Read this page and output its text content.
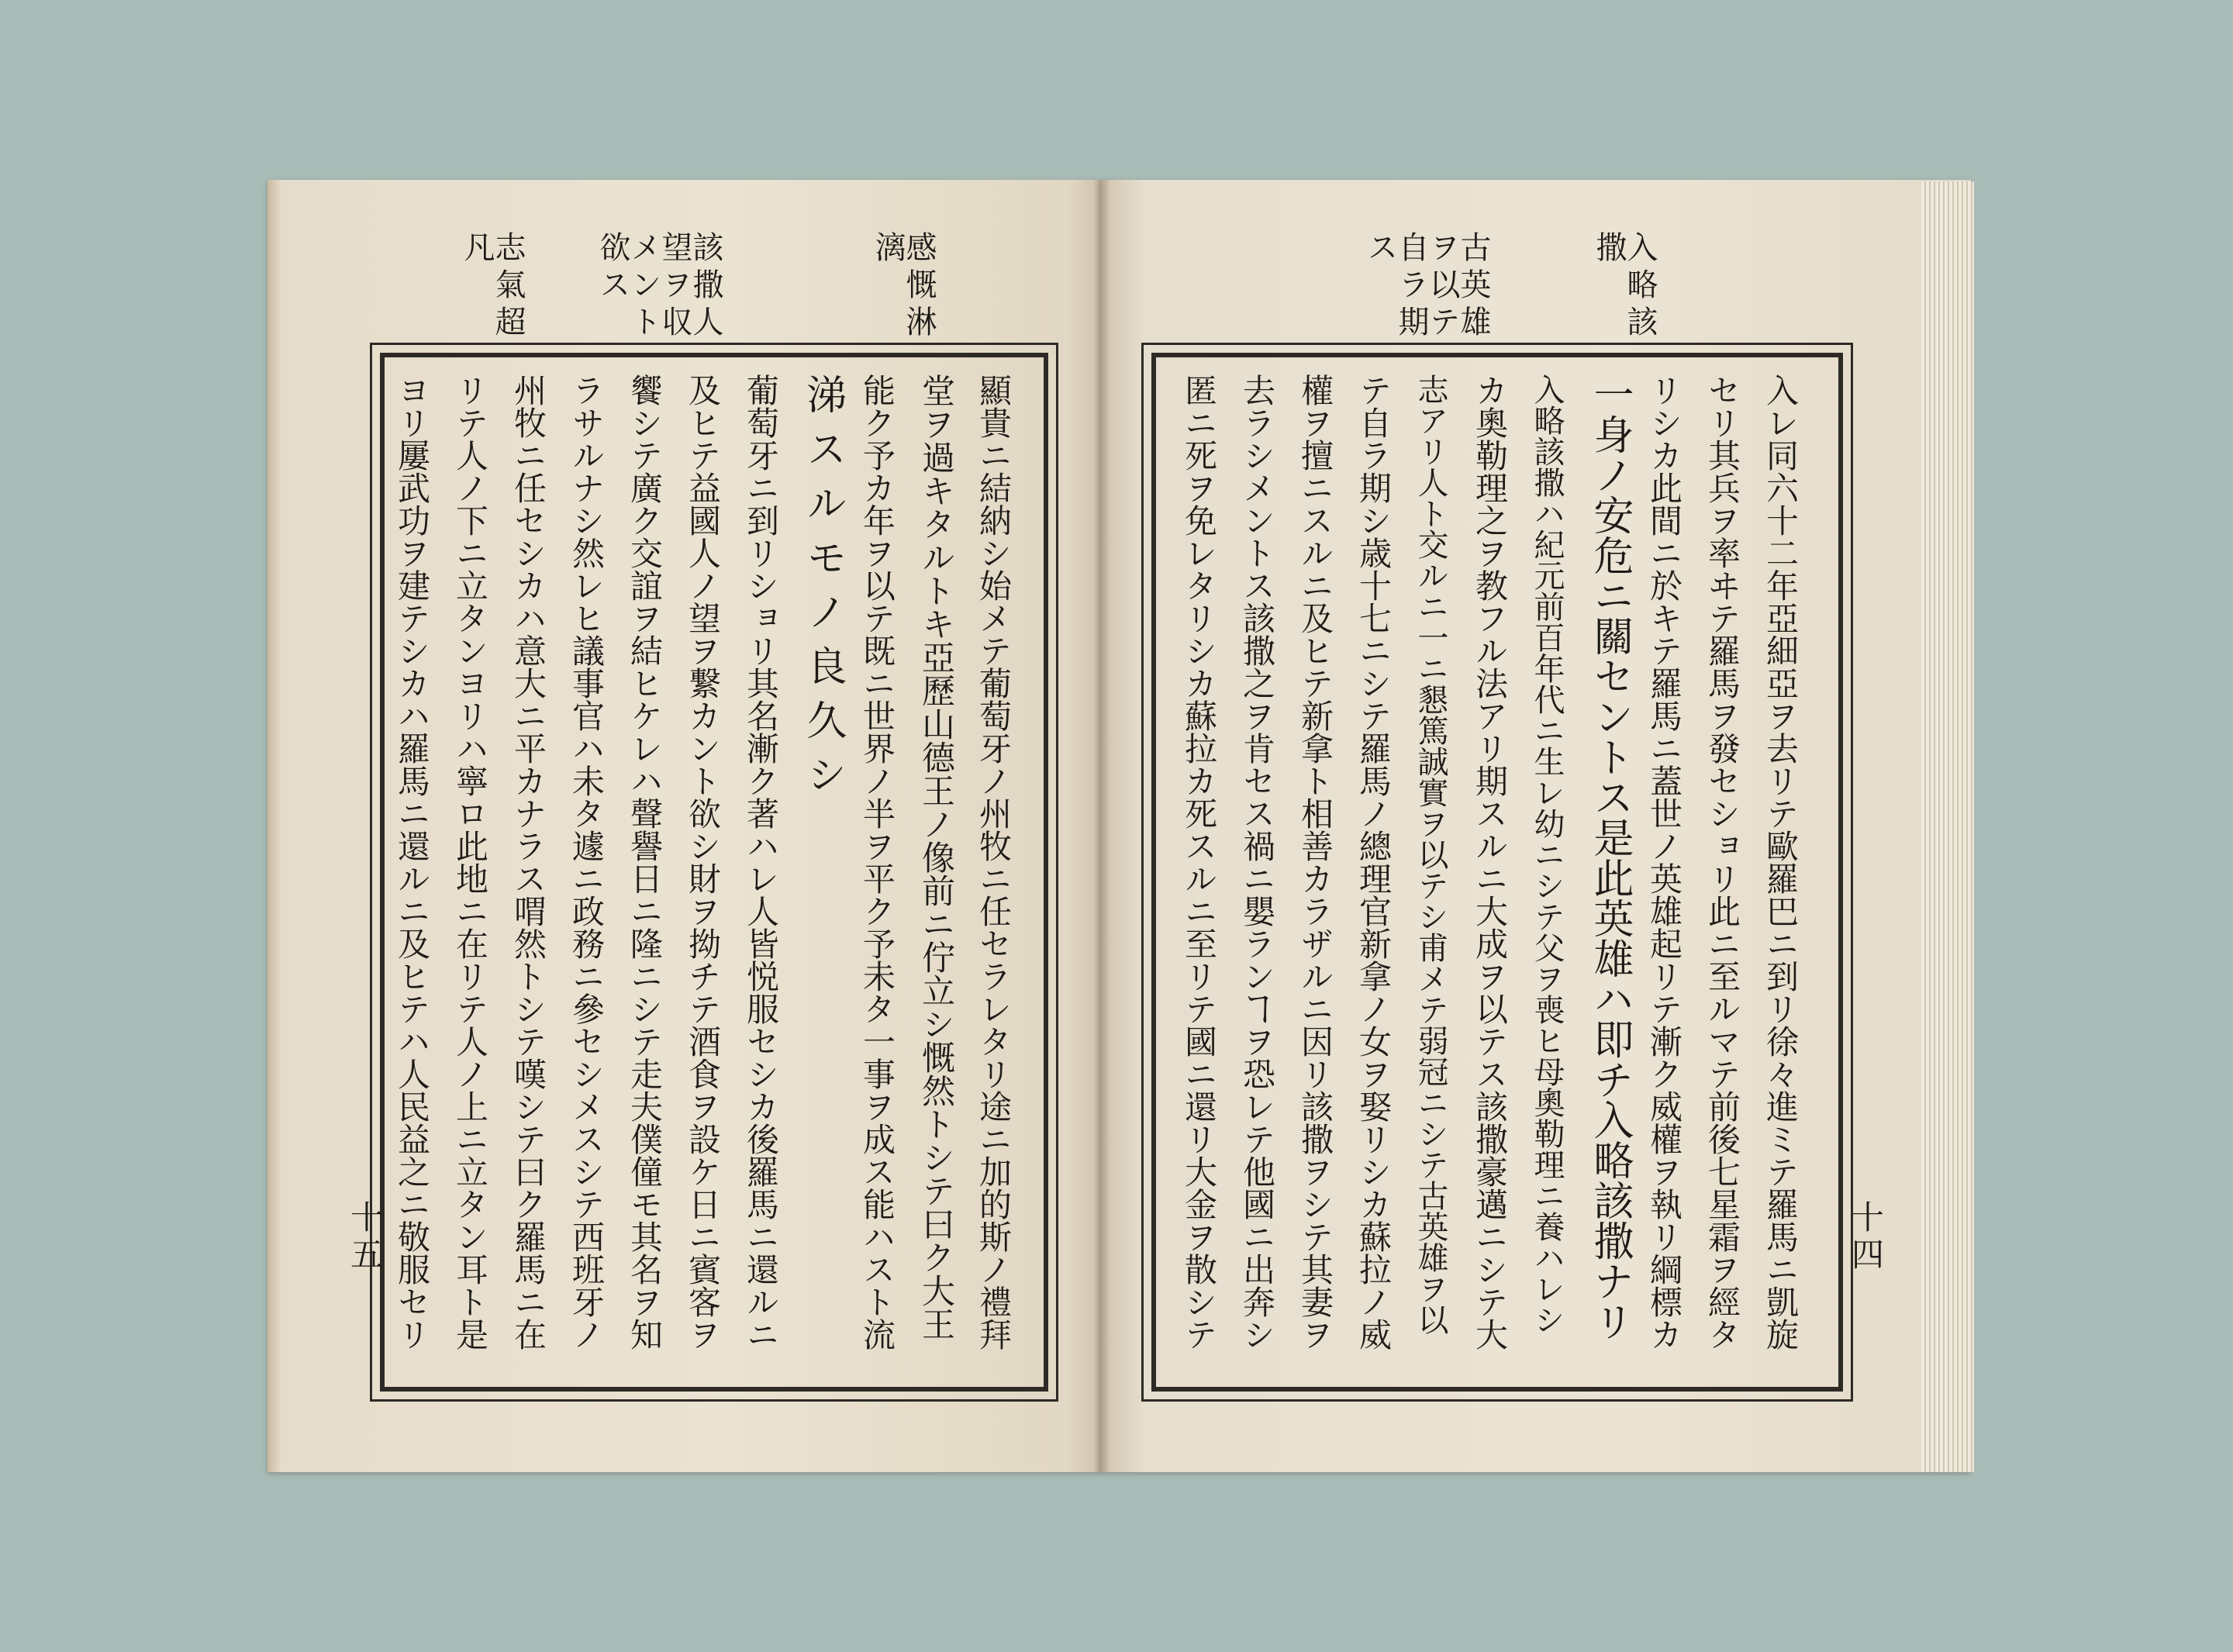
入レ同六十二年亞細亞ヲ去リテ歐羅巴ニ到リ徐々進ミテ羅馬ニ凱旋
セリ其兵ヲ率ヰテ羅馬ヲ發セショリ此ニ至ルマテ前後七星霜ヲ經タ
リシカ此間ニ於キテ羅馬ニ蓋世ノ英雄起リテ漸ク威權ヲ執リ綱標カ
一身ノ安危ニ關セントス是此英雄ハ即チ入略該撒ナリ
入略該撒ハ紀元前百年代ニ生レ幼ニシテ父ヲ喪ヒ母奧勒理ニ養ハレシ
カ奧勒理之ヲ教フル法アリ期スルニ大成ヲ以テス該撒豪邁ニシテ大
志アリ人ト交ルニ一ニ懇篤誠實ヲ以テシ甫メテ弱冠ニシテ古英雄ヲ以
テ自ラ期シ歳十七ニシテ羅馬ノ總理官新拿ノ女ヲ娶リシカ蘇拉ノ威
權ヲ擅ニスルニ及ヒテ新拿ト相善カラザルニ因リ該撒ヲシテ其妻ヲ
去ラシメントス該撒之ヲ肯セス禍ニ嬰ランヿヲ恐レテ他國ニ出奔シ
匿ニ死ヲ免レタリシカ蘇拉カ死スルニ至リテ國ニ還リ大金ヲ散シテ
入略該撒
古英雄ヲ以テ自ラ期ス
十四
顯貴ニ結納シ始メテ葡萄牙ノ州牧ニ任セラレタリ途ニ加的斯ノ禮拜
堂ヲ過キタルトキ亞歷山德王ノ像前ニ佇立シ慨然トシテ曰ク大王
能ク予カ年ヲ以テ既ニ世界ノ半ヲ平ク予未タ一事ヲ成ス能ハスト流
涕スルモノ良久シ
葡萄牙ニ到リショリ其名漸ク著ハレ人皆悦服セシカ後羅馬ニ還ルニ
及ヒテ益國人ノ望ヲ繋カント欲シ財ヲ拗チテ酒食ヲ設ケ日ニ賓客ヲ
饗シテ廣ク交誼ヲ結ヒケレハ聲譽日ニ隆ニシテ走夫僕僮モ其名ヲ知
ラサルナシ然レヒ議事官ハ未タ遽ニ政務ニ參セシメスシテ西班牙ノ
州牧ニ任セシカハ意大ニ平カナラス喟然トシテ嘆シテ曰ク羅馬ニ在
リテ人ノ下ニ立タンヨリハ寧ロ此地ニ在リテ人ノ上ニ立タン耳ト是
ヨリ屢武功ヲ建テシカハ羅馬ニ還ルニ及ヒテハ人民益之ニ敬服セリ
感慨淋漓
該撒人望ヲ収メント欲ス
志氣超凡
十五
